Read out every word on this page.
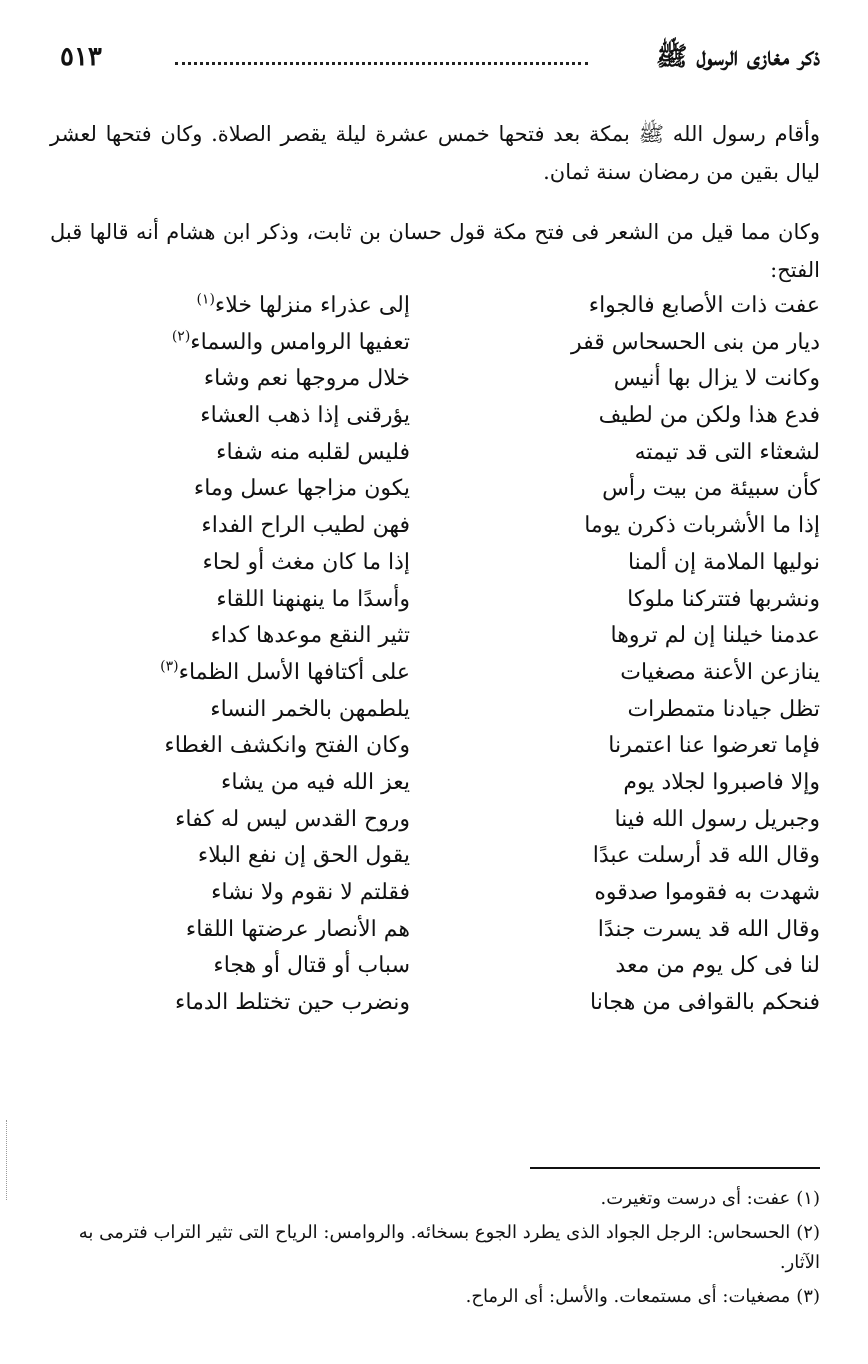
ذكر مغازى الرسول ﷺ
٥١٣

وأقام رسول الله ﷺ بمكة بعد فتحها خمس عشرة ليلة يقصر الصلاة. وكان فتحها لعشر ليال بقين من رمضان سنة ثمان.

وكان مما قيل من الشعر فى فتح مكة قول حسان بن ثابت، وذكر ابن هشام أنه قالها قبل الفتح:

عفت ذات الأصابع فالجواء
إلى عذراء منزلها خلاء$^{(١)}$
ديار من بنى الحسحاس قفر
تعفيها الروامس والسماء$^{(٢)}$
وكانت لا يزال بها أنيس
خلال مروجها نعم وشاء
فدع هذا ولكن من لطيف
يؤرقنى إذا ذهب العشاء
لشعثاء التى قد تيمته
فليس لقلبه منه شفاء
كأن سبيئة من بيت رأس
يكون مزاجها عسل وماء
إذا ما الأشربات ذكرن يوما
فهن لطيب الراح الفداء
نوليها الملامة إن ألمنا
إذا ما كان مغث أو لحاء
ونشربها فتتركنا ملوكا
وأسدًا ما ينهنهنا اللقاء
عدمنا خيلنا إن لم تروها
تثير النقع موعدها كداء
ينازعن الأعنة مصغيات
على أكتافها الأسل الظماء$^{(٣)}$
تظل جيادنا متمطرات
يلطمهن بالخمر النساء
فإما تعرضوا عنا اعتمرنا
وكان الفتح وانكشف الغطاء
وإلا فاصبروا لجلاد يوم
يعز الله فيه من يشاء
وجبريل رسول الله فينا
وروح القدس ليس له كفاء
وقال الله قد أرسلت عبدًا
يقول الحق إن نفع البلاء
شهدت به فقوموا صدقوه
فقلتم لا نقوم ولا نشاء
وقال الله قد يسرت جندًا
هم الأنصار عرضتها اللقاء
لنا فى كل يوم من معد
سباب أو قتال أو هجاء
فنحكم بالقوافى من هجانا
ونضرب حين تختلط الدماء

(١)عفت: أى درست وتغيرت.

(٢)الحسحاس: الرجل الجواد الذى يطرد الجوع بسخائه. والروامس: الرياح التى تثير التراب فترمى به الآثار.

(٣)مصغيات: أى مستمعات. والأسل: أى الرماح.
